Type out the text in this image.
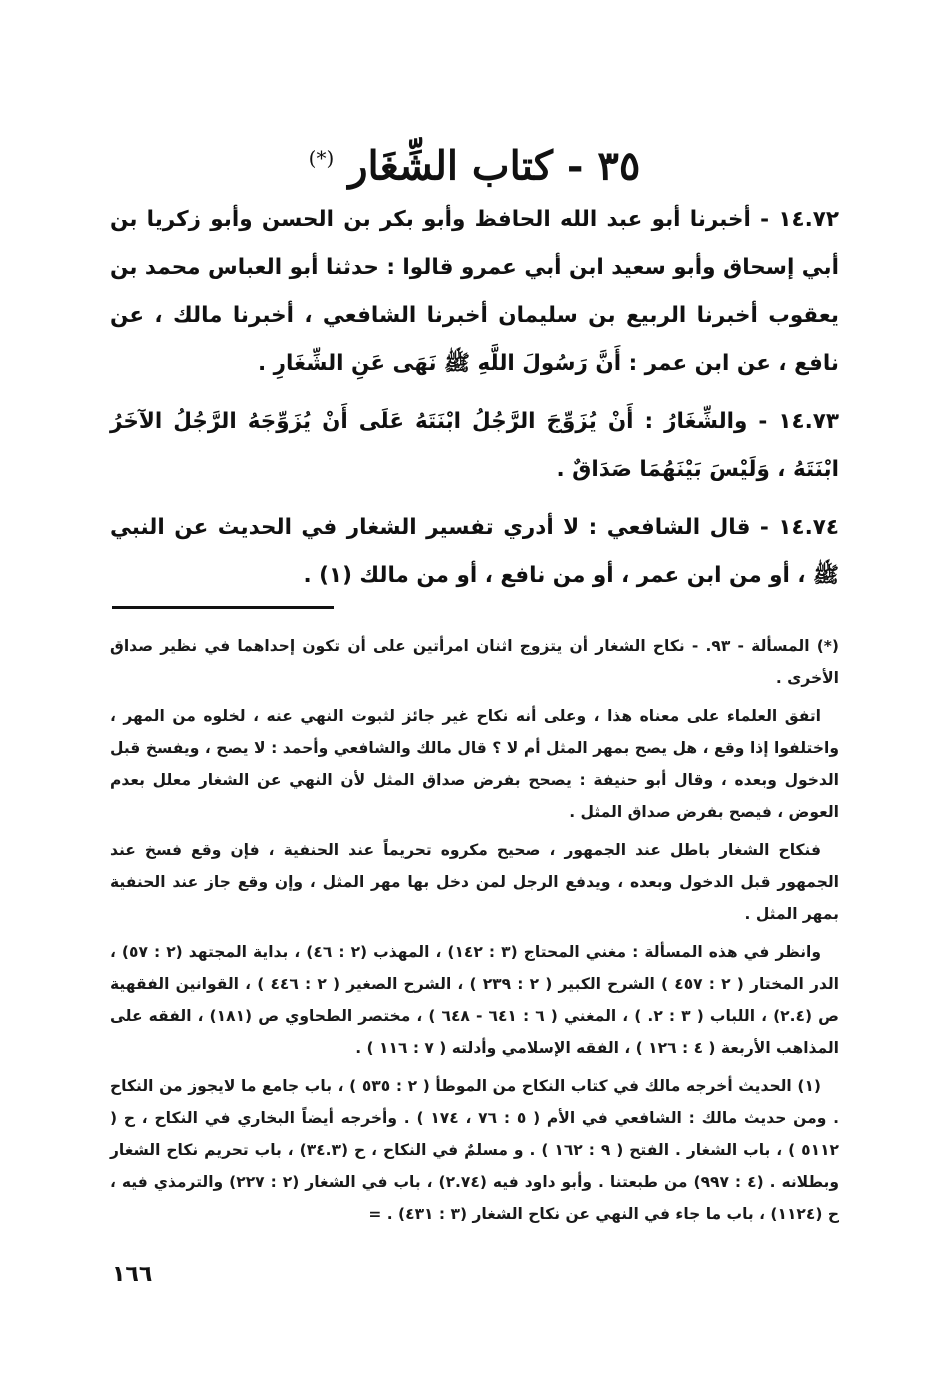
٣٥ - كتاب الشِّغَار (*)

١٤.٧٢ - أخبرنا أبو عبد الله الحافظ وأبو بكر بن الحسن وأبو زكريا بن أبي إسحاق وأبو سعيد ابن أبي عمرو قالوا : حدثنا أبو العباس محمد بن يعقوب أخبرنا الربيع بن سليمان أخبرنا الشافعي ، أخبرنا مالك ، عن نافع ، عن ابن عمر : أَنَّ رَسُولَ اللَّهِ ﷺ نَهَى عَنِ الشِّغَارِ .

١٤.٧٣ - والشِّغَارُ : أَنْ يُزَوِّجَ الرَّجُلُ ابْنَتَهُ عَلَى أَنْ يُزَوِّجَهُ الرَّجُلُ الآخَرُ ابْنَتَهُ ، وَلَيْسَ بَيْنَهُمَا صَدَاقٌ .

١٤.٧٤ - قال الشافعي : لا أدري تفسير الشغار في الحديث عن النبي ﷺ ، أو من ابن عمر ، أو من نافع ، أو من مالك (١) .

(*) المسألة - ٩٣. - نكاح الشغار أن يتزوج اثنان امرأتين على أن تكون إحداهما في نظير صداق الأخرى .

اتفق العلماء على معناه هذا ، وعلى أنه نكاح غير جائز لثبوت النهي عنه ، لخلوه من المهر ، واختلفوا إذا وقع ، هل يصح بمهر المثل أم لا ؟ قال مالك والشافعي وأحمد : لا يصح ، ويفسخ قبل الدخول وبعده ، وقال أبو حنيفة : يصحح بفرض صداق المثل لأن النهي عن الشغار معلل بعدم العوض ، فيصح بفرض صداق المثل .

فنكاح الشغار باطل عند الجمهور ، صحيح مكروه تحريماً عند الحنفية ، فإن وقع فسخ عند الجمهور قبل الدخول وبعده ، ويدفع الرجل لمن دخل بها مهر المثل ، وإن وقع جاز عند الحنفية بمهر المثل .

وانظر في هذه المسألة : مغني المحتاج (٣ : ١٤٢) ، المهذب (٢ : ٤٦) ، بداية المجتهد (٢ : ٥٧) ، الدر المختار ( ٢ : ٤٥٧ ) الشرح الكبير ( ٢ : ٢٣٩ ) ، الشرح الصغير ( ٢ : ٤٤٦ ) ، القوانين الفقهية ص (٢.٤) ، اللباب ( ٣ : ٢. ) ، المغني ( ٦ : ٦٤١ - ٦٤٨ ) ، مختصر الطحاوي ص (١٨١) ، الفقه على المذاهب الأربعة ( ٤ : ١٢٦ ) ، الفقه الإسلامي وأدلته ( ٧ : ١١٦ ) .

(١) الحديث أخرجه مالك في كتاب النكاح من الموطأ ( ٢ : ٥٣٥ ) ، باب جامع ما لايجوز من النكاح . ومن حديث مالك : الشافعي في الأم ( ٥ : ٧٦ ، ١٧٤ ) . وأخرجه أيضاً البخاري في النكاح ، ح ( ٥١١٢ ) ، باب الشغار . الفتح ( ٩ : ١٦٢ ) . و مسلمٌ في النكاح ، ح (٣٤.٣) ، باب تحريم نكاح الشغار وبطلانه . (٤ : ٩٩٧) من طبعتنا . وأبو داود فيه (٢.٧٤) ، باب في الشغار (٢ : ٢٢٧) والترمذي فيه ، ح (١١٢٤) ، باب ما جاء في النهي عن نكاح الشغار (٣ : ٤٣١) . =

١٦٦
